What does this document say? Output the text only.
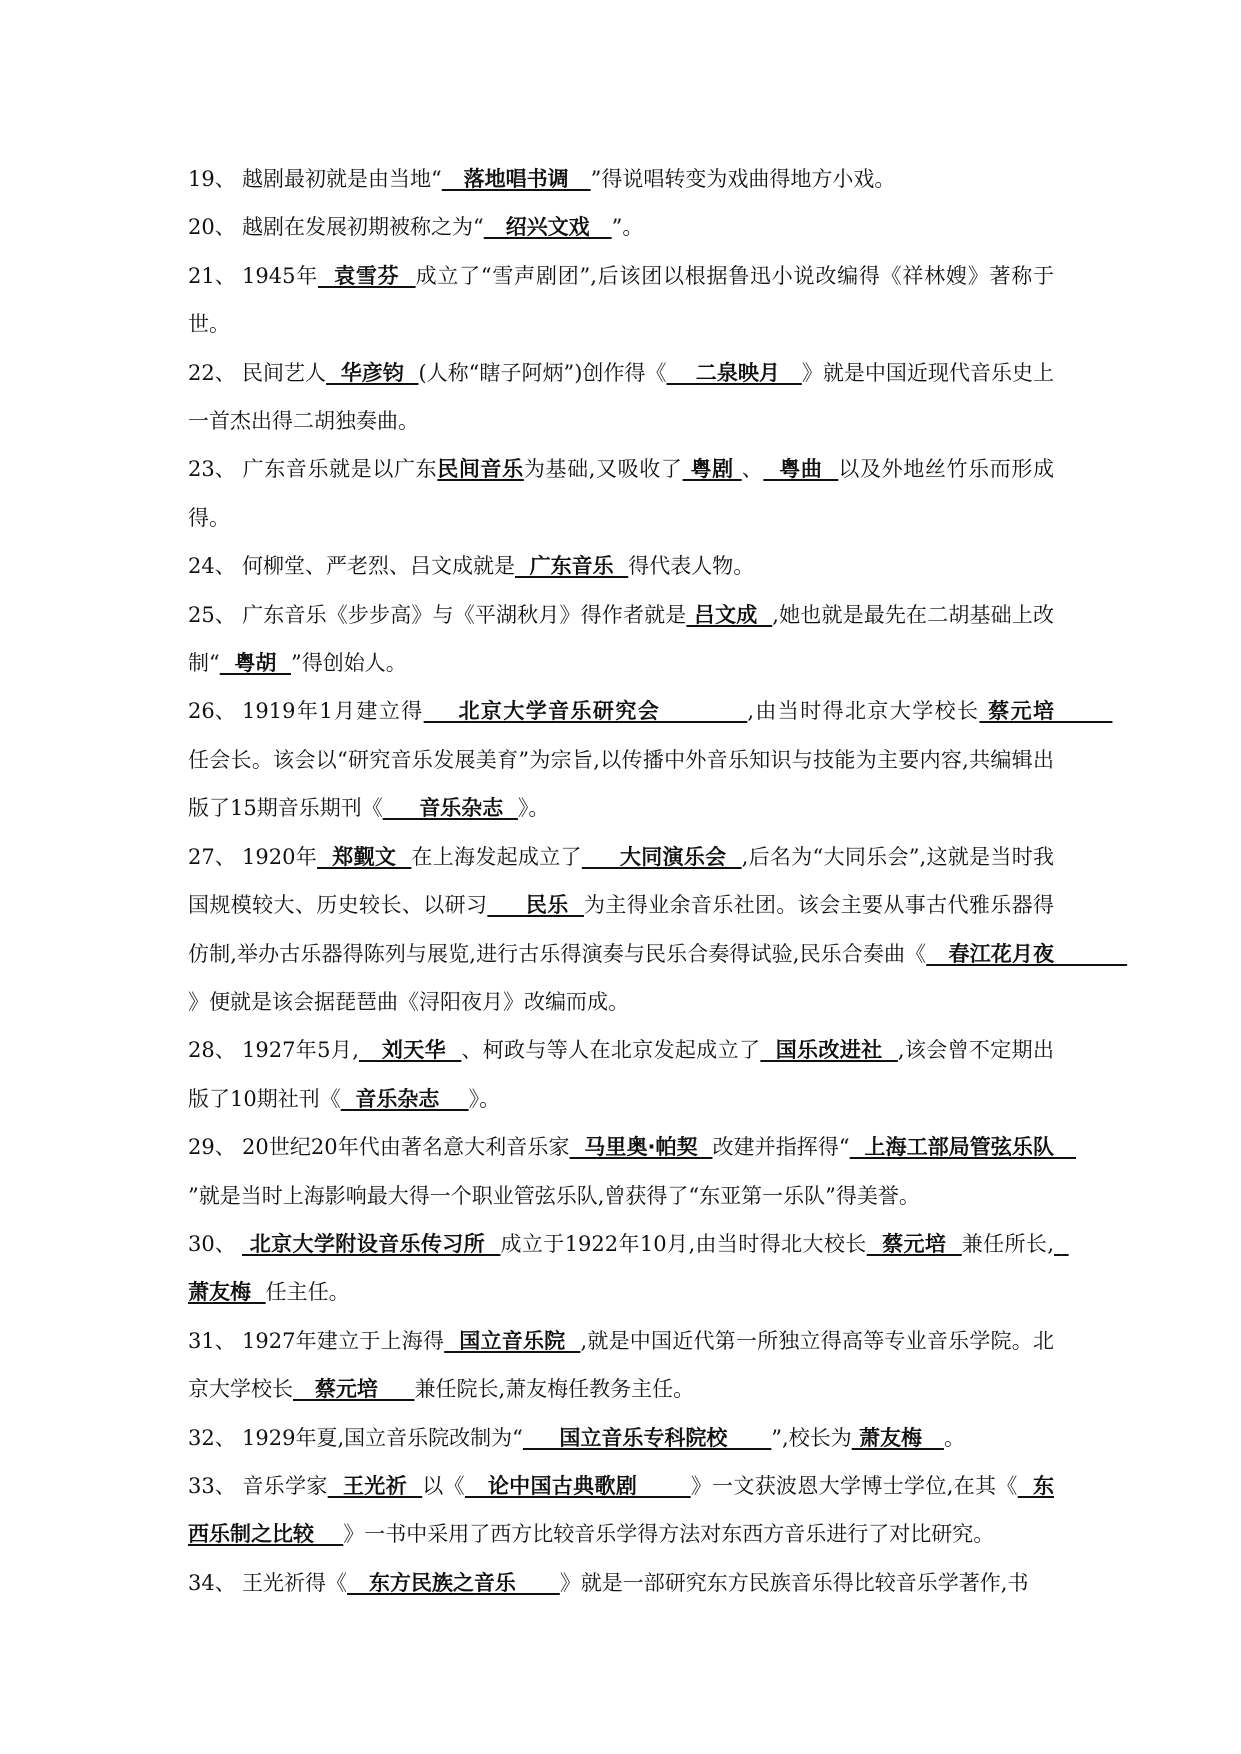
19、 越剧最初就是由当地“   落地唱书调   ”得说唱转变为戏曲得地方小戏。

20、 越剧在发展初期被称之为“   绍兴文戏   ”。

21、 1945年  袁雪芬  成立了“雪声剧团”,后该团以根据鲁迅小说改编得《祥林嫂》著称于世。

22、 民间艺人  华彦钧  (人称“瞎子阿炳”)创作得《    二泉映月   》就是中国近现代音乐史上一首杰出得二胡独奏曲。

23、 广东音乐就是以广东民间音乐为基础,又吸收了 粤剧 、  粤曲  以及外地丝竹乐而形成得。

24、 何柳堂、严老烈、吕文成就是  广东音乐  得代表人物。

25、 广东音乐《步步高》与《平湖秋月》得作者就是 吕文成  ,她也就是最先在二胡基础上改制“  粤胡  ”得创始人。

26、 1919年1月建立得    北京大学音乐研究会          ,由当时得北京大学校长 蔡元培        任会长。该会以“研究音乐发展美育”为宗旨,以传播中外音乐知识与技能为主要内容,共编辑出版了15期音乐期刊《     音乐杂志  》。

27、 1920年  郑觐文  在上海发起成立了     大同演乐会  ,后名为“大同乐会”,这就是当时我国规模较大、历史较长、以研习     民乐  为主得业余音乐社团。该会主要从事古代雅乐器得仿制,举办古乐器得陈列与展览,进行古乐得演奏与民乐合奏得试验,民乐合奏曲《   春江花月夜          》便就是该会据琵琶曲《浔阳夜月》改编而成。

28、 1927年5月,   刘天华  、柯政与等人在北京发起成立了  国乐改进社  ,该会曾不定期出版了10期社刊《  音乐杂志    》。

29、 20世纪20年代由著名意大利音乐家  马里奥·帕契  改建并指挥得“  上海工部局管弦乐队   ”就是当时上海影响最大得一个职业管弦乐队,曾获得了“东亚第一乐队”得美誉。

30、 北京大学附设音乐传习所  成立于1922年10月,由当时得北大校长  蔡元培  兼任所长,  萧友梅  任主任。

31、 1927年建立于上海得  国立音乐院  ,就是中国近代第一所独立得高等专业音乐学院。北京大学校长   蔡元培     兼任院长,萧友梅任教务主任。

32、 1929年夏,国立音乐院改制为“     国立音乐专科院校      ”,校长为 萧友梅   。

33、 音乐学家  王光祈  以《   论中国古典歌剧       》一文获波恩大学博士学位,在其《  东西乐制之比较    》一书中采用了西方比较音乐学得方法对东西方音乐进行了对比研究。

34、 王光祈得《   东方民族之音乐      》就是一部研究东方民族音乐得比较音乐学著作,书
